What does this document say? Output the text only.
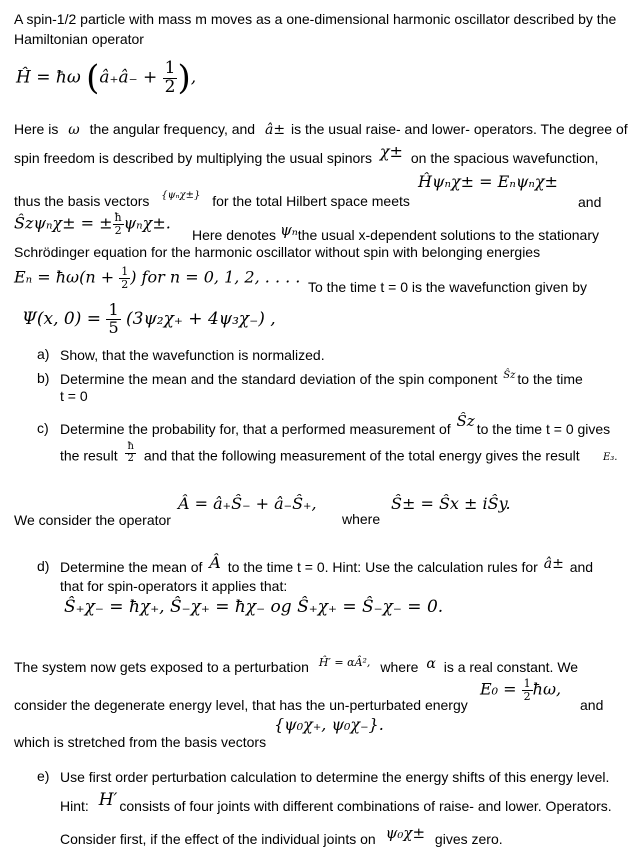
A spin-1/2 particle with mass m moves as a one-dimensional harmonic oscillator described by the
Hamiltonian operator
Ĥ = ħω (â₊â₋ + $\frac{1}{2}$ ),
Here is ω the angular frequency, and â± is the usual raise- and lower- operators. The degree of
spin freedom is described by multiplying the usual spinors χ± on the spacious wavefunction,
Ĥψₙχ± = Eₙψₙχ±
thus the basis vectors $^{\{\psi_n\chi\pm\}}$ for the total Hilbert space meets	and
Ŝzψₙχ± = ± $\frac{ħ}{2} \psi_n\chi\pm$.
Here denotes ψₙthe usual x-dependent solutions to the stationary
Schrödinger equation for the harmonic oscillator without spin with belonging energies
Eₙ = ħω(n + $\frac{1}{2}$ ) for n = 0, 1, 2, . . . .
To the time t = 0 is the wavefunction given by
Ψ(x, $0) = \frac{1}{5} (3\psi_2\chi_+ + 4\psi_3\chi_-)$ ,
a) Show, that the wavefunction is normalized.
b) Determine the mean and the standard deviation of the spin component $^{Ŝz}$ to the time
t = 0
c) Determine the probability for, that a performed measurement of Ŝz to the time t = 0 gives
the result $\frac{ħ}{2}$ and that the following measurement of the total energy gives the result E₃.
We consider the operator
Â = â₊Ŝ₋ + â₋Ŝ₊,
where
Ŝ± = Ŝx ± iŜy.
d) Determine the mean of Â to the time t = 0. Hint: Use the calculation rules for â± and
that for spin-operators it applies that:
Ŝ₊χ₋ = ħχ₊, Ŝ₋χ₊ = ħχ₋ og Ŝ₊χ₊ = Ŝ₋χ₋ = 0.
The system now gets exposed to a perturbation $^{Ĥ' = \alpha Â^2,}$ where α is a real constant. We
$E_0 = \frac{1}{2}$ ħω,
consider the degenerate energy level, that has the un-perturbated energy	and
which is stretched from the basis vectors
{ψ₀χ₊, ψ₀χ₋}.
e) Use first order perturbation calculation to determine the energy shifts of this energy level.
Hint: H′ consists of four joints with different combinations of raise- and lower. Operators.
Consider first, if the effect of the individual joints on ψ₀χ± gives zero.
